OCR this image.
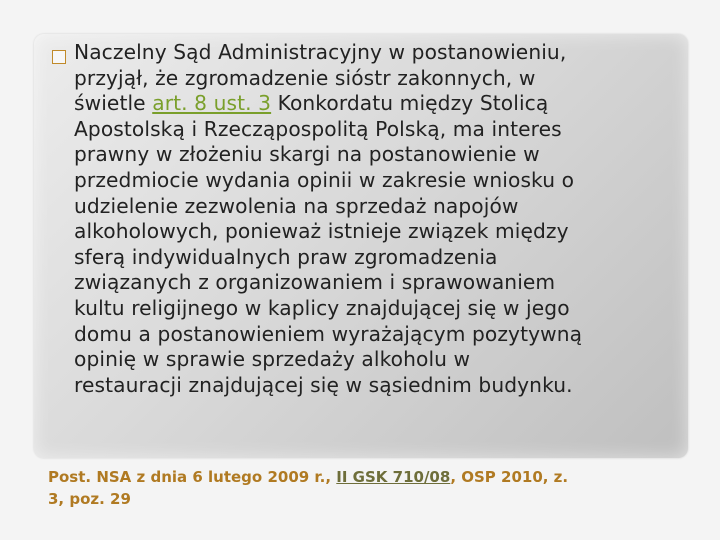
Naczelny Sąd Administracyjny w postanowieniu,
przyjął, że zgromadzenie sióstr zakonnych, w
świetle art. 8 ust. 3 Konkordatu między Stolicą
Apostolską i Rzecząpospolitą Polską, ma interes
prawny w złożeniu skargi na postanowienie w
przedmiocie wydania opinii w zakresie wniosku o
udzielenie zezwolenia na sprzedaż napojów
alkoholowych, ponieważ istnieje związek między
sferą indywidualnych praw zgromadzenia
związanych z organizowaniem i sprawowaniem
kultu religijnego w kaplicy znajdującej się w jego
domu a postanowieniem wyrażającym pozytywną
opinię w sprawie sprzedaży alkoholu w
restauracji znajdującej się w sąsiednim budynku.
Post. NSA z dnia 6 lutego 2009 r., II GSK 710/08, OSP 2010, z.
3, poz. 29
